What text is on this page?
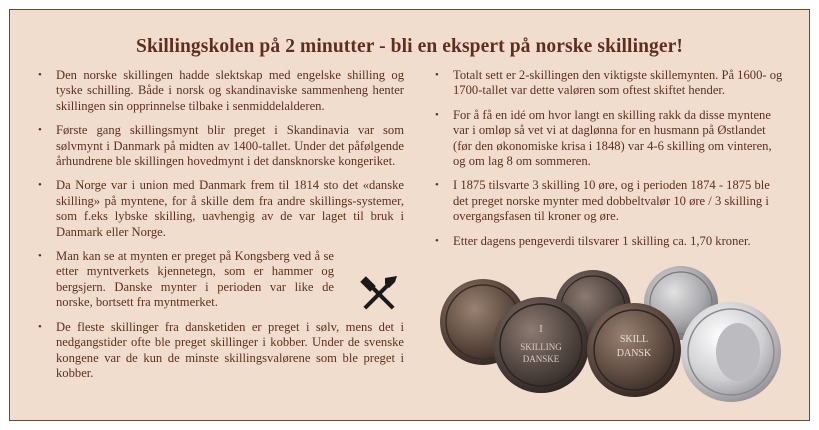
Skillingskolen på 2 minutter - bli en ekspert på norske skillinger!
• Den norske skillingen hadde slektskap med engelske shilling og tyske schilling. Både i norsk og skandinaviske sammenheng henter skillingen sin opprinnelse tilbake i senmiddelalderen.
• Første gang skillingsmynt blir preget i Skandinavia var som sølvmynt i Danmark på midten av 1400-tallet. Under det påfølgende århundrene ble skillingen hovedmynt i det dansknorske kongeriket.
• Da Norge var i union med Danmark frem til 1814 sto det «danske skilling» på myntene, for å skille dem fra andre skillings-systemer, som f.eks lybske skilling, uavhengig av de var laget til bruk i Danmark eller Norge.
• Man kan se at mynten er preget på Kongsberg ved å se etter myntverkets kjennetegn, som er hammer og bergsjern. Danske mynter i perioden var like de norske, bortsett fra myntmerket.
• De fleste skillinger fra dansketiden er preget i sølv, mens det i nedgangstider ofte ble preget skillinger i kobber. Under de svenske kongene var de kun de minste skillingsvalørene som ble preget i kobber.
• Totalt sett er 2-skillingen den viktigste skillemynten. På 1600- og 1700-tallet var dette valøren som oftest skiftet hender.
• For å få en idé om hvor langt en skilling rakk da disse myntene var i omløp så vet vi at daglønna for en husmann på Østlandet (før den økonomiske krisa i 1848) var 4-6 skilling om vinteren, og om lag 8 om sommeren.
• I 1875 tilsvarte 3 skilling 10 øre, og i perioden 1874 - 1875 ble det preget norske mynter med dobbeltvalør 10 øre / 3 skilling i overgangsfasen til kroner og øre.
• Etter dagens pengeverdi tilsvarer 1 skilling ca. 1,70 kroner.
I
SKILLING
DANSKE
SKILL
DANSK
